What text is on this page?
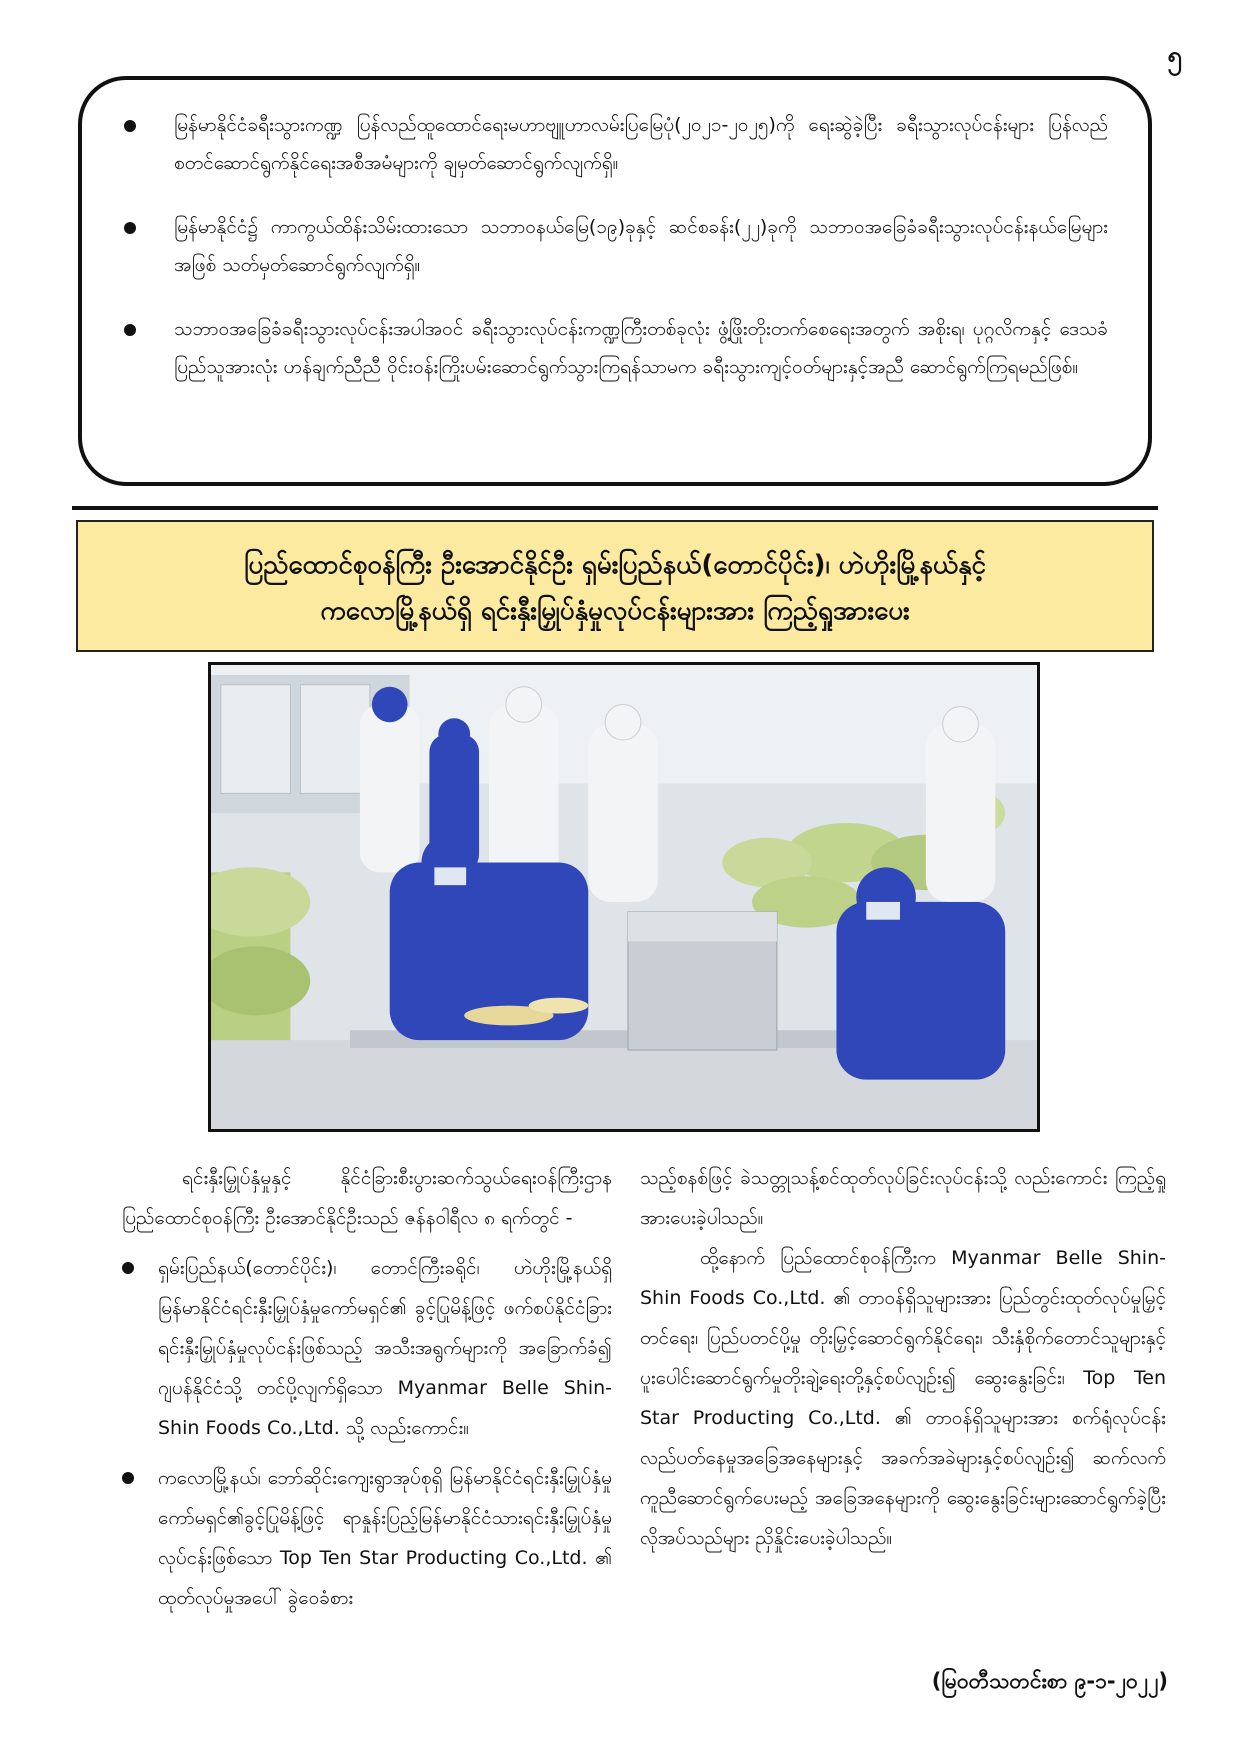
၅
မြန်မာနိုင်ငံခရီးသွားကဏ္ဍ ပြန်လည်ထူထောင်ရေးမဟာဗျူဟာလမ်းပြမြေပုံ(၂၀၂၁-၂၀၂၅)ကို ရေးဆွဲခဲ့ပြီး ခရီးသွားလုပ်ငန်းများ ပြန်လည်စတင်ဆောင်ရွက်နိုင်ရေးအစီအမံများကို ချမှတ်ဆောင်ရွက်လျက်ရှိ။
မြန်မာနိုင်ငံ၌ ကာကွယ်ထိန်းသိမ်းထားသော သဘာဝနယ်မြေ(၁၉)ခုနှင့် ဆင်စခန်း(၂၂)ခုကို သဘာဝအခြေခံခရီးသွားလုပ်ငန်းနယ်မြေများအဖြစ် သတ်မှတ်ဆောင်ရွက်လျက်ရှိ။
သဘာဝအခြေခံခရီးသွားလုပ်ငန်းအပါအဝင် ခရီးသွားလုပ်ငန်းကဏ္ဍကြီးတစ်ခုလုံး ဖွံ့ဖြိုးတိုးတက်စေရေးအတွက် အစိုးရ၊ ပုဂ္ဂလိကနှင့် ဒေသခံပြည်သူအားလုံး ဟန်ချက်ညီညီ ဝိုင်းဝန်းကြိုးပမ်းဆောင်ရွက်သွားကြရန်သာမက ခရီးသွားကျင့်ဝတ်များနှင့်အညီ ဆောင်ရွက်ကြရမည်ဖြစ်။
ပြည်ထောင်စုဝန်ကြီး ဦးအောင်နိုင်ဦး ရှမ်းပြည်နယ်(တောင်ပိုင်း)၊ ဟဲဟိုးမြို့နယ်နှင့်
ကလောမြို့နယ်ရှိ ရင်းနှီးမြှုပ်နှံမှုလုပ်ငန်းများအား ကြည့်ရှုအားပေး

ရင်းနှီးမြှုပ်နှံမှုနှင့် နိုင်ငံခြားစီးပွားဆက်သွယ်ရေးဝန်ကြီးဌာန ပြည်ထောင်စုဝန်ကြီး ဦးအောင်နိုင်ဦးသည် ဇန်နဝါရီလ ၈ ရက်တွင် -

ရှမ်းပြည်နယ်(တောင်ပိုင်း)၊ တောင်ကြီးခရိုင်၊ ဟဲဟိုးမြို့နယ်ရှိ မြန်မာနိုင်ငံရင်းနှီးမြှုပ်နှံမှုကော်မရှင်၏ ခွင့်ပြုမိန့်ဖြင့် ဖက်စပ်နိုင်ငံခြားရင်းနှီးမြှုပ်နှံမှုလုပ်ငန်းဖြစ်သည့် အသီးအရွက်များကို အခြောက်ခံ၍ ဂျပန်နိုင်ငံသို့ တင်ပို့လျက်ရှိသော Myanmar Belle Shin- Shin Foods Co.,Ltd. သို့ လည်းကောင်း။
ကလောမြို့နယ်၊ ဘော်ဆိုင်းကျေးရွာအုပ်စုရှိ မြန်မာနိုင်ငံရင်းနှီးမြှုပ်နှံမှုကော်မရှင်၏ခွင့်ပြုမိန့်ဖြင့် ရာနှုန်းပြည့်မြန်မာနိုင်ငံသားရင်းနှီးမြှုပ်နှံမှုလုပ်ငန်းဖြစ်သော Top Ten Star Producting Co.,Ltd. ၏ ထုတ်လုပ်မှုအပေါ် ခွဲဝေခံစား

သည့်စနစ်ဖြင့် ခဲသတ္တုသန့်စင်ထုတ်လုပ်ခြင်းလုပ်ငန်းသို့ လည်းကောင်း ကြည့်ရှုအားပေးခဲ့ပါသည်။

ထို့နောက် ပြည်ထောင်စုဝန်ကြီးက Myanmar Belle Shin-Shin Foods Co.,Ltd. ၏ တာဝန်ရှိသူများအား ပြည်တွင်းထုတ်လုပ်မှုမြှင့်တင်ရေး၊ ပြည်ပတင်ပို့မှု တိုးမြှင့်ဆောင်ရွက်နိုင်ရေး၊ သီးနှံစိုက်တောင်သူများနှင့် ပူးပေါင်းဆောင်ရွက်မှုတိုးချဲ့ရေးတို့နှင့်စပ်လျဉ်း၍ ဆွေးနွေးခြင်း၊ Top Ten Star Producting Co.,Ltd. ၏ တာဝန်ရှိသူများအား စက်ရုံလုပ်ငန်းလည်ပတ်နေမှုအခြေအနေများနှင့် အခက်အခဲများနှင့်စပ်လျဉ်း၍ ဆက်လက်ကူညီဆောင်ရွက်ပေးမည့် အခြေအနေများကို ဆွေးနွေးခြင်းများဆောင်ရွက်ခဲ့ပြီး လိုအပ်သည်များ ညှိနှိုင်းပေးခဲ့ပါသည်။

(မြဝတီသတင်းစာ ၉-၁-၂၀၂၂)
